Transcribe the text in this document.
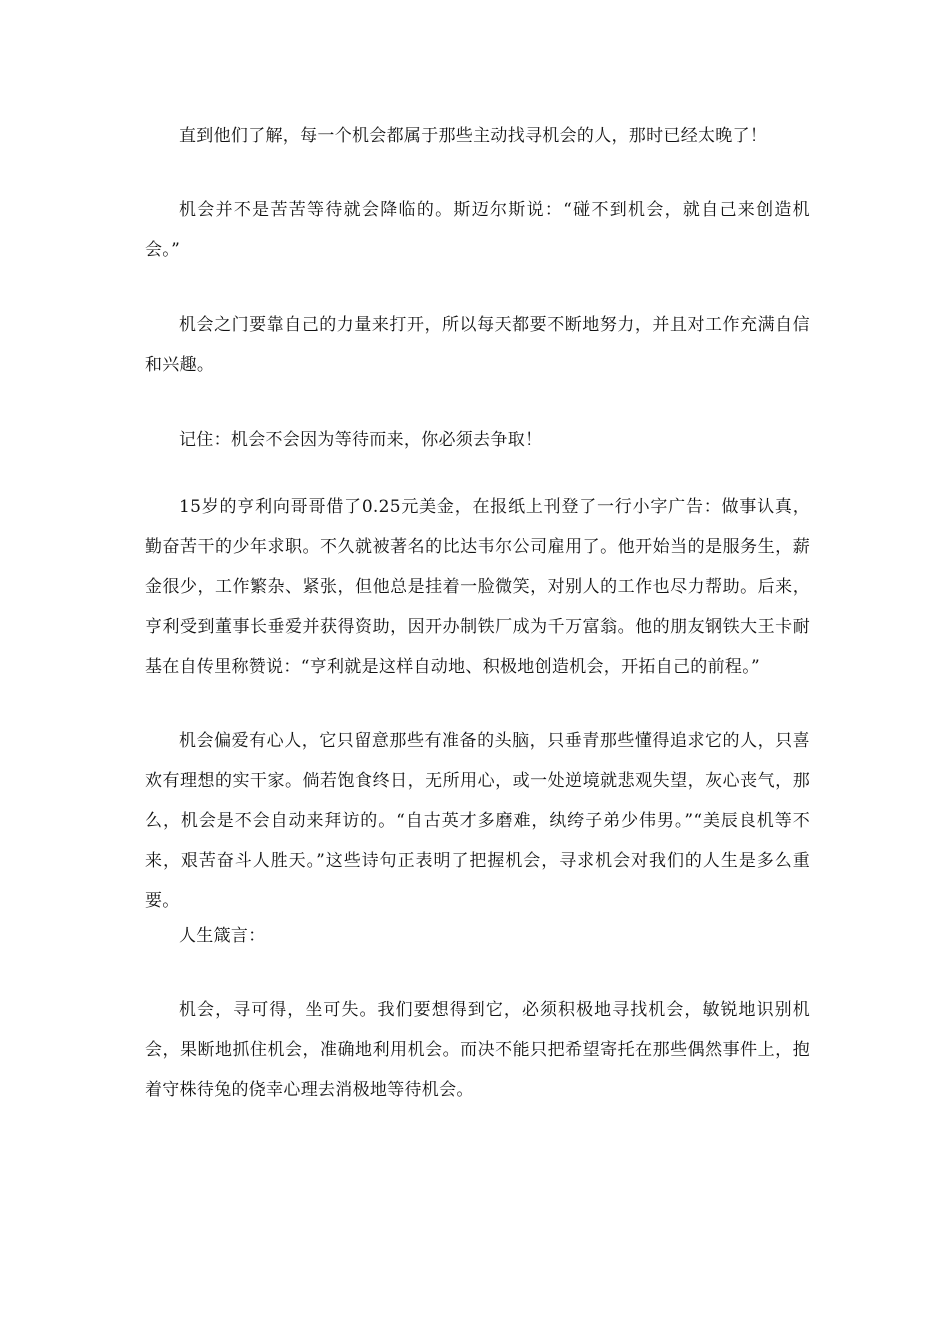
直到他们了解，每一个机会都属于那些主动找寻机会的人，那时已经太晚了！

机会并不是苦苦等待就会降临的。斯迈尔斯说：“碰不到机会，就自己来创造机会。”

机会之门要靠自己的力量来打开，所以每天都要不断地努力，并且对工作充满自信和兴趣。

记住：机会不会因为等待而来，你必须去争取！

15岁的亨利向哥哥借了0.25元美金，在报纸上刊登了一行小字广告：做事认真，勤奋苦干的少年求职。不久就被著名的比达韦尔公司雇用了。他开始当的是服务生，薪金很少，工作繁杂、紧张，但他总是挂着一脸微笑，对别人的工作也尽力帮助。后来，亨利受到董事长垂爱并获得资助，因开办制铁厂成为千万富翁。他的朋友钢铁大王卡耐基在自传里称赞说：“亨利就是这样自动地、积极地创造机会，开拓自己的前程。”

机会偏爱有心人，它只留意那些有准备的头脑，只垂青那些懂得追求它的人，只喜欢有理想的实干家。倘若饱食终日，无所用心，或一处逆境就悲观失望，灰心丧气，那么，机会是不会自动来拜访的。“自古英才多磨难，纨绔子弟少伟男。”“美辰良机等不来，艰苦奋斗人胜天。”这些诗句正表明了把握机会，寻求机会对我们的人生是多么重要。

人生箴言：

机会，寻可得，坐可失。我们要想得到它，必须积极地寻找机会，敏锐地识别机会，果断地抓住机会，准确地利用机会。而决不能只把希望寄托在那些偶然事件上，抱着守株待兔的侥幸心理去消极地等待机会。
